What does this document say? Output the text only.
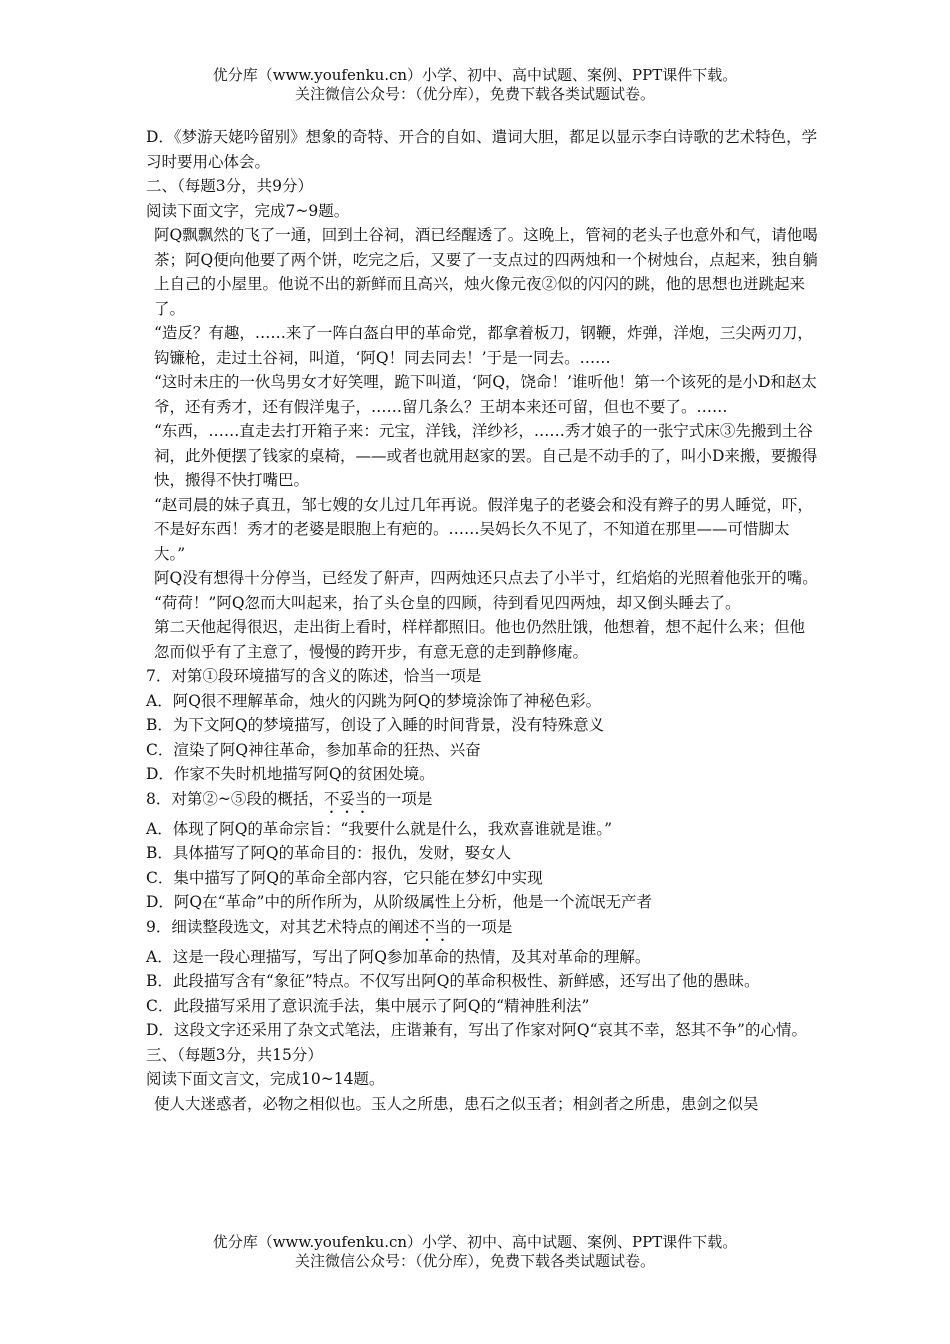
优分库（www.youfenku.cn）小学、初中、高中试题、案例、PPT课件下载。
关注微信公众号：（优分库），免费下载各类试题试卷。

D．《梦游天姥吟留别》想象的奇特、开合的自如、遣词大胆，都足以显示李白诗歌的艺术特色，学习时要用心体会。

二、（每题3分，共9分）

阅读下面文字，完成7~9题。

阿Q飘飘然的飞了一通，回到土谷祠，酒已经醒透了。这晚上，管祠的老头子也意外和气，请他喝茶；阿Q便向他要了两个饼，吃完之后，又要了一支点过的四两烛和一个树烛台，点起来，独自躺上自己的小屋里。他说不出的新鲜而且高兴，烛火像元夜②似的闪闪的跳，他的思想也迸跳起来了。

“造反？有趣，……来了一阵白盔白甲的革命党，都拿着板刀，钢鞭，炸弹，洋炮，三尖两刃刀，钩镰枪，走过土谷祠，叫道，‘阿Q！同去同去！’于是一同去。……

“这时未庄的一伙鸟男女才好笑哩，跪下叫道，‘阿Q，饶命！’谁听他！第一个该死的是小D和赵太爷，还有秀才，还有假洋鬼子，……留几条么？王胡本来还可留，但也不要了。……

“东西，……直走去打开箱子来：元宝，洋钱，洋纱衫，……秀才娘子的一张宁式床③先搬到土谷祠，此外便摆了钱家的桌椅，——或者也就用赵家的罢。自己是不动手的了，叫小D来搬，要搬得快，搬得不快打嘴巴。

“赵司晨的妹子真丑，邹七嫂的女儿过几年再说。假洋鬼子的老婆会和没有辫子的男人睡觉，吓，不是好东西！秀才的老婆是眼胞上有疤的。……吴妈长久不见了，不知道在那里——可惜脚太大。”

阿Q没有想得十分停当，已经发了鼾声，四两烛还只点去了小半寸，红焰焰的光照着他张开的嘴。

“荷荷！”阿Q忽而大叫起来，抬了头仓皇的四顾，待到看见四两烛，却又倒头睡去了。

第二天他起得很迟，走出街上看时，样样都照旧。他也仍然肚饿，他想着，想不起什么来；但他忽而似乎有了主意了，慢慢的跨开步，有意无意的走到静修庵。

7．对第①段环境描写的含义的陈述，恰当一项是

A．阿Q很不理解革命，烛火的闪跳为阿Q的梦境涂饰了神秘色彩。

B．为下文阿Q的梦境描写，创设了入睡的时间背景，没有特殊意义

C．渲染了阿Q神往革命，参加革命的狂热、兴奋

D．作家不失时机地描写阿Q的贫困处境。

8．对第②~⑤段的概括，不妥当的一项是

A．体现了阿Q的革命宗旨：“我要什么就是什么，我欢喜谁就是谁。”

B．具体描写了阿Q的革命目的：报仇，发财，娶女人

C．集中描写了阿Q的革命全部内容，它只能在梦幻中实现

D．阿Q在“革命”中的所作所为，从阶级属性上分析，他是一个流氓无产者

9．细读整段选文，对其艺术特点的阐述不当的一项是

A．这是一段心理描写，写出了阿Q参加革命的热情，及其对革命的理解。

B．此段描写含有“象征”特点。不仅写出阿Q的革命积极性、新鲜感，还写出了他的愚昧。

C．此段描写采用了意识流手法，集中展示了阿Q的“精神胜利法”

D．这段文字还采用了杂文式笔法，庄谐兼有，写出了作家对阿Q“哀其不幸，怒其不争”的心情。

三、（每题3分，共15分）

阅读下面文言文，完成10~14题。

使人大迷惑者，必物之相似也。玉人之所患，患石之似玉者；相剑者之所患，患剑之似吴

优分库（www.youfenku.cn）小学、初中、高中试题、案例、PPT课件下载。
关注微信公众号：（优分库），免费下载各类试题试卷。
